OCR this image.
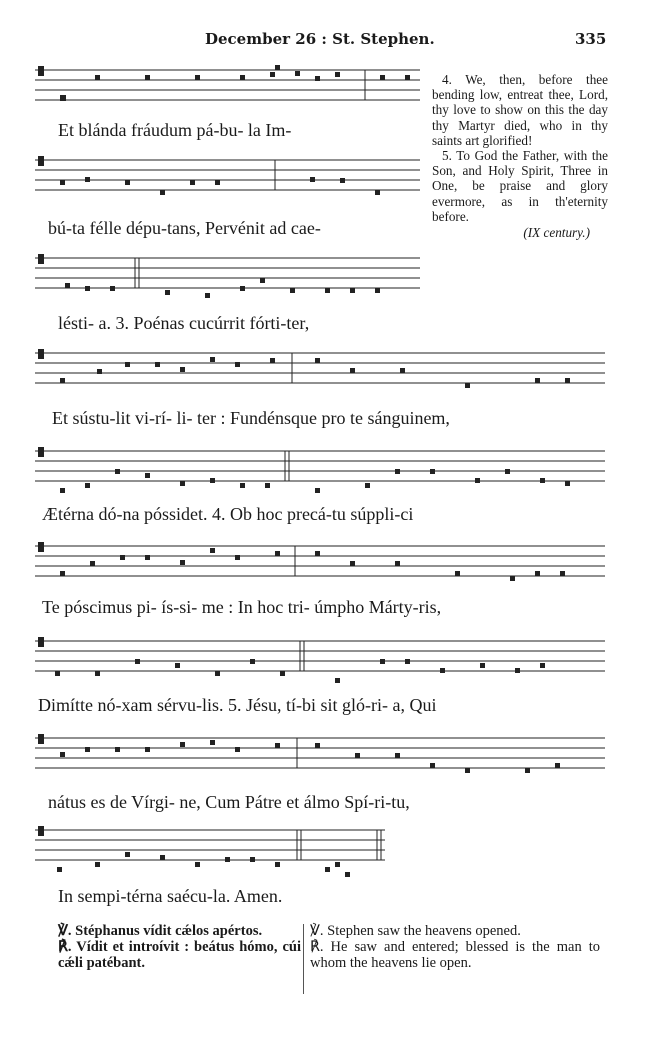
December 26 : St. Stephen.	335
Et blánda fráudum pá-bu- la Im-
bú-ta félle dépu-tans, Pervénit ad cae-
lésti- a. 3. Poénas cucúrrit fórti-ter,

4. We, then, before thee bending low, entreat thee, Lord, thy love to show on this the day thy Martyr died, who in thy saints art glorified!

5. To God the Father, with the Son, and Holy Spirit, Three in One, be praise and glory evermore, as in th'eternity before.

(IX century.)

Et sústu-lit vi-rí- li- ter : Fundénsque pro te sánguinem,
Ætérna dó-na póssidet. 4. Ob hoc precá-tu súppli-ci
Te póscimus pi- ís-si- me : In hoc tri- úmpho Márty-ris,
Dimítte nó-xam sérvu-lis. 5. Jésu, tí-bi sit gló-ri- a, Qui
nátus es de Vírgi- ne, Cum Pátre et álmo Spí-ri-tu,
In sempi-térna saécu-la. Amen.

℣. Stéphanus vídit cǽlos apértos.

℟. Vídit et introívit : beátus hómo, cúi cǽli patébant.

℣. Stephen saw the heavens opened.

℟. He saw and entered; blessed is the man to whom the heavens lie open.
